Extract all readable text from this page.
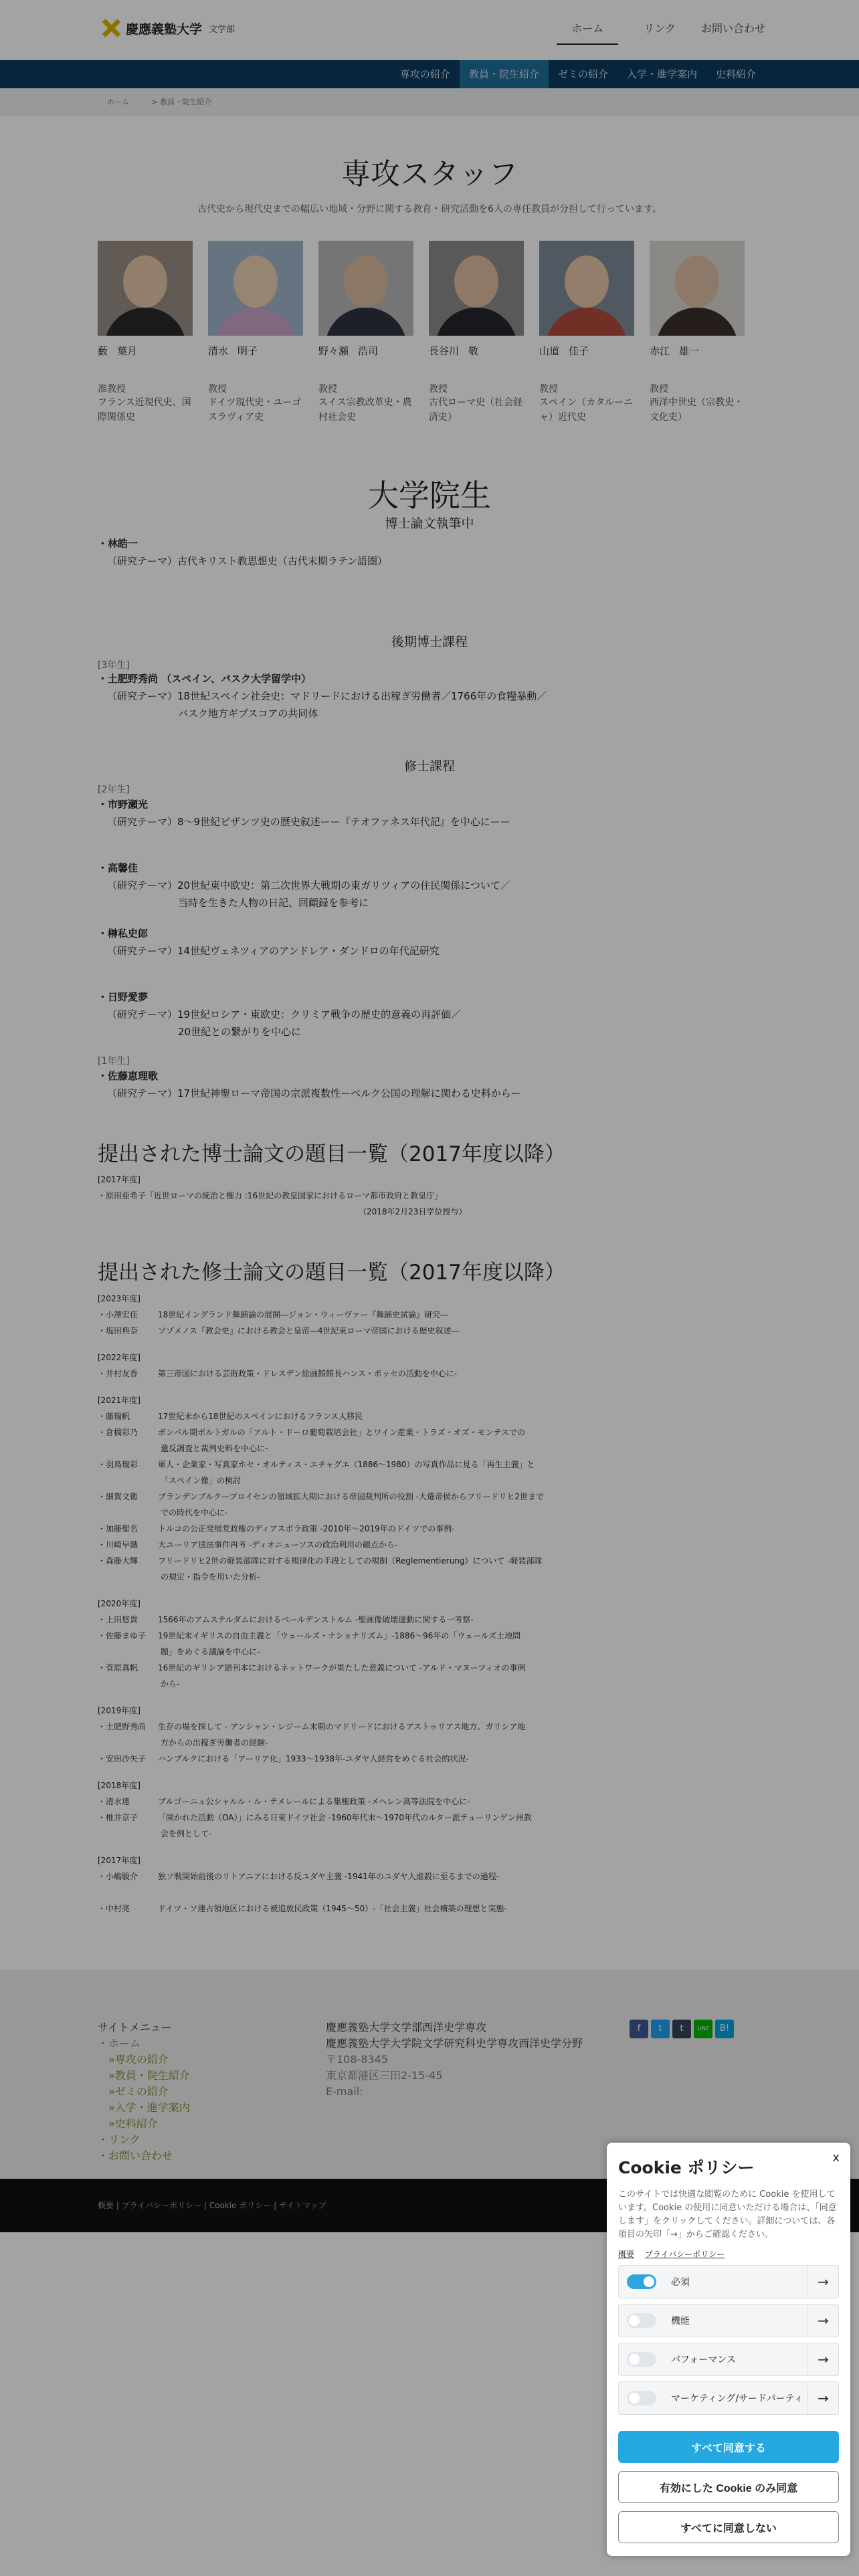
慶應義塾大学 文学部	ホーム	リンク お問い合わせ
専攻の紹介	教員・院生紹介	ゼミの紹介	入学・進学案内	史料紹介
ホーム	> 教員・院生紹介
専攻スタッフ
古代史から現代史までの幅広い地域・分野に関する教育・研究活動を6人の専任教員が分担して行っています。
藪 葉月
准教授
フランス近現代史、国際関係史
清水 明子
教授
ドイツ現代史・ユーゴスラヴィア史
野々瀬 浩司
教授
スイス宗教改革史・農村社会史
長谷川 敬
教授
古代ローマ史（社会経済史）
山道 佳子
教授
スペイン（カタルーニャ）近代史
赤江 雄一
教授
西洋中世史（宗教史・文化史）
大学院生
博士論文執筆中
・林皓一
（研究テーマ）古代キリスト教思想史（古代末期ラテン語圏）
後期博士課程
[3年生]
・土肥野秀尚 （スペイン、バスク大学留学中）
（研究テーマ）18世紀スペイン社会史：マドリードにおける出稼ぎ労働者／1766年の食糧暴動／
バスク地方ギプスコアの共同体
修士課程
[2年生]
・市野瀬光
（研究テーマ）8〜9世紀ビザンツ史の歴史叙述ーー『テオファネス年代記』を中心にーー
・高馨佳
（研究テーマ）20世紀東中欧史：第二次世界大戦期の東ガリツィアの住民関係について／
当時を生きた人物の日記、回顧録を参考に
・榊私史郎
（研究テーマ）14世紀ヴェネツィアのアンドレア・ダンドロの年代記研究
・日野愛夢
（研究テーマ）19世紀ロシア・東欧史：クリミア戦争の歴史的意義の再評価／
20世紀との繋がりを中心に
[1年生]
・佐藤恵理歌
（研究テーマ）17世紀神聖ローマ帝国の宗派複数性ーベルク公国の理解に関わる史料からー
提出された博士論文の題目一覧（2017年度以降）
[2017年度]
・原田亜希子「近世ローマの統治と権力 :16世紀の教皇国家におけるローマ都市政府と教皇庁」
（2018年2月23日学位授与）
提出された修士論文の題目一覧（2017年度以降）
[2023年度]
・小澤宏佳 18世紀イングランド舞踊論の展開―ジョン・ウィーヴァー『舞踊史試論』研究―
・塩田典奈 ソゾメノス『教会史』における教会と皇帝―4世紀東ローマ帝国における歴史叙述―
[2022年度]
・井村友香 第三帝国における芸術政策・ドレスデン絵画館館長ハンス・ポッセの活動を中心に-
[2021年度]
・藤瑞帆	17世紀末から18世紀のスペインにおけるフランス人移民
・倉橋彩乃 ボンパル期ポルトガルの「アルト・ドーロ葡萄栽培会社」とワイン産業・トラズ・オズ・モンテスでの
遺反調査と裁判史料を中心に-
・羽鳥瑞彩 軍人・企業家・写真家ホセ・オルティス・エチャグエ（1886〜1980）の写真作品に見る「再生主義」と
「スペイン像」の検討
・細賀文衛 ブランデンブルクープロイセンの領域拡大期における帝国裁判所の役割 -大選帝侯からフリードリヒ2世まで
での時代を中心に-
・加藤聖名 トルコの公正発展党政権のディアスポラ政策 -2010年〜2019年のドイツでの事例-
・川崎早織 大ユーリア送法事件再考 -ディオニューソスの政治利用の観点から-
・森藤大輝 フリードリヒ2世の軽装部隊に対する規律化の手段としての規制（Reglementierung）について -軽装部隊
の規定・指令を用いた分析-
[2020年度]
・上田悠貴 1566年のアムステルダムにおけるベールデンストルム -聖画像破壊運動に関する一考察-
・佐藤まゆ子 19世紀末イギリスの自由主義と「ウェールズ・ナショナリズム」-1886〜96年の「ウェールズ土地問
題」をめぐる議論を中心に-
・菅原真帆 16世紀のギリシア語刊本におけるネットワークが果たした意義について -アルド・マヌーツィオの事例
から-
[2019年度]
・土肥野秀尚 生存の場を探して - アンシャン・レジーム末期のマドリードにおけるアストゥリアス地方、ガリシア地
方からの出稼ぎ労働者の経験-
・安田沙矢子 ハンブルクにおける「アーリア化」1933〜1938年-ユダヤ人経営をめぐる社会的状況-
[2018年度]
・清水達	ブルゴーニュ公シャルル・ル・テメレールによる集権政策 -メヘレン高等法院を中心に-
・椎井京子 「開かれた活動（OA）」にみる日東ドイツ社会 -1960年代末〜1970年代のルター派テューリンゲン州教
会を例として-
[2017年度]
・小嶋駿介 独ソ戦開始前後のリトアニアにおける反ユダヤ主義 -1941年のユダヤ人虐殺に至るまでの過程-
・中村亮	ドイツ・ソ連占領地区における被追放民政策（1945〜50）-「社会主義」社会構築の理想と実態-
サイトメニュー
・ホーム
»専攻の紹介
»教員・院生紹介
»ゼミの紹介
»入学・進学案内
»史料紹介
・リンク
・お問い合わせ
慶應義塾大学文学部西洋史学専攻
慶應義塾大学大学院文学研究科史学専攻西洋史学分野
〒108-8345
東京都港区三田2-15-45
E-mail:
f	t	t	LINE	B!
概要 | プライバシーポリシー | Cookie ポリシー | サイトマップ
x
Cookie ポリシー
このサイトでは快適な閲覧のために Cookie を使用しています。Cookie の使用に同意いただける場合は、「同意します」をクリックしてください。詳細については、各項目の矢印「→」からご確認ください。
概要 プライバシーポリシー
必須	→
機能	→
パフォーマンス	→
マーケティング/サードパーティ	→
すべて同意する
有効にした Cookie のみ同意
すべてに同意しない
